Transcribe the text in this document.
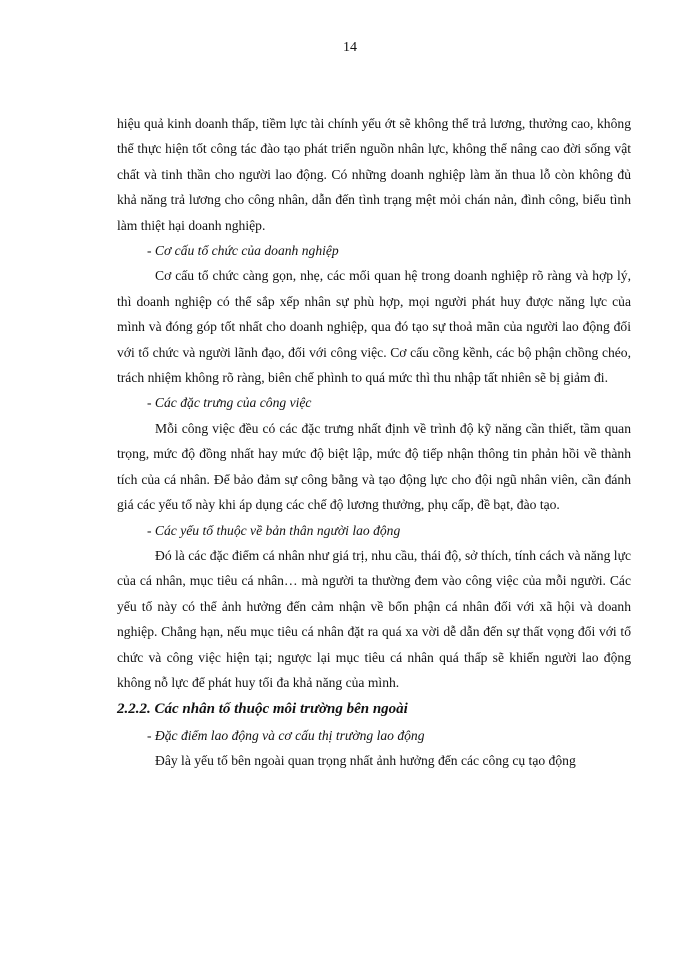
14

hiệu quả kinh doanh thấp, tiềm lực tài chính yếu ớt sẽ không thể trả lương, thưởng cao, không thể thực hiện tốt công tác đào tạo phát triển nguồn nhân lực, không thể nâng cao đời sống vật chất và tinh thần cho người lao động. Có những doanh nghiệp làm ăn thua lỗ còn không đủ khả năng trả lương cho công nhân, dẫn đến tình trạng mệt mỏi chán nản, đình công, biểu tình làm thiệt hại doanh nghiệp.

- Cơ cấu tổ chức của doanh nghiệp

Cơ cấu tổ chức càng gọn, nhẹ, các mối quan hệ trong doanh nghiệp rõ ràng và hợp lý, thì doanh nghiệp có thể sắp xếp nhân sự phù hợp, mọi người phát huy được năng lực của mình và đóng góp tốt nhất cho doanh nghiệp, qua đó tạo sự thoả mãn của người lao động đối với tổ chức và người lãnh đạo, đối với công việc. Cơ cấu cồng kềnh, các bộ phận chồng chéo, trách nhiệm không rõ ràng, biên chế phình to quá mức thì thu nhập tất nhiên sẽ bị giảm đi.

- Các đặc trưng của công việc

Mỗi công việc đều có các đặc trưng nhất định về trình độ kỹ năng cần thiết, tầm quan trọng, mức độ đồng nhất hay mức độ biệt lập, mức độ tiếp nhận thông tin phản hồi về thành tích của cá nhân. Để bảo đảm sự công bằng và tạo động lực cho đội ngũ nhân viên, cần đánh giá các yếu tố này khi áp dụng các chế độ lương thưởng, phụ cấp, đề bạt, đào tạo.

- Các yếu tố thuộc về bản thân người lao động

Đó là các đặc điểm cá nhân như giá trị, nhu cầu, thái độ, sở thích, tính cách và năng lực của cá nhân, mục tiêu cá nhân… mà người ta thường đem vào công việc của mỗi người. Các yếu tố này có thể ảnh hưởng đến cảm nhận về bổn phận cá nhân đối với xã hội và doanh nghiệp. Chẳng hạn, nếu mục tiêu cá nhân đặt ra quá xa vời dễ dẫn đến sự thất vọng đối với tổ chức và công việc hiện tại; ngược lại mục tiêu cá nhân quá thấp sẽ khiến người lao động không nỗ lực để phát huy tối đa khả năng của mình.

2.2.2. Các nhân tố thuộc môi trường bên ngoài

- Đặc điểm lao động và cơ cấu thị trường lao động

Đây là yếu tố bên ngoài quan trọng nhất ảnh hưởng đến các công cụ tạo động
